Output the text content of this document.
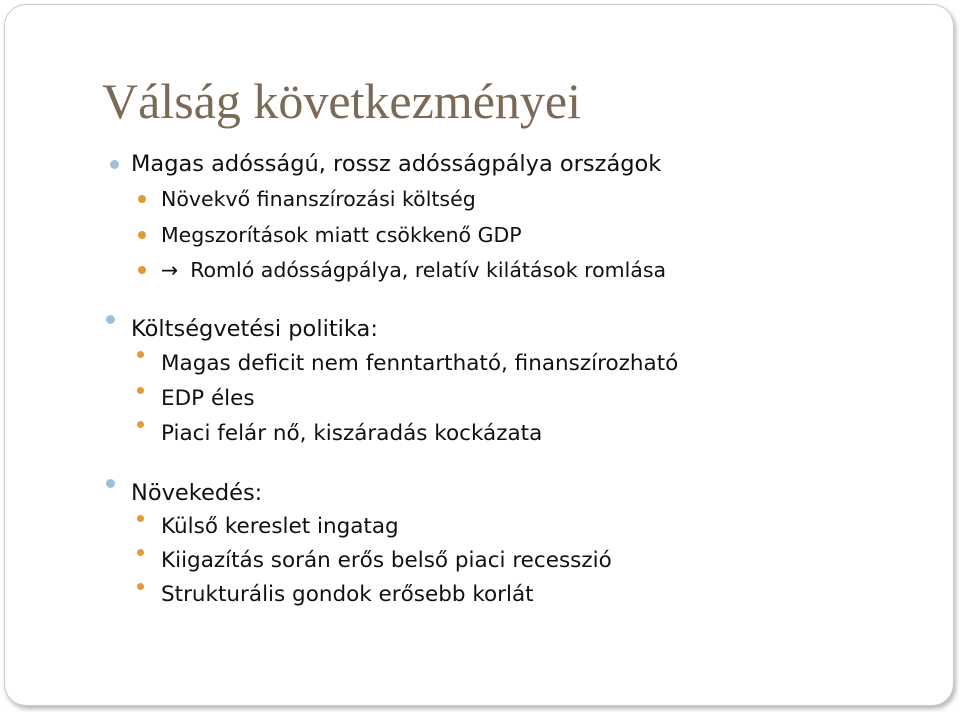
Válság következményei
Magas adósságú, rossz adósságpálya országok
Növekvő finanszírozási költség
Megszorítások miatt csökkenő GDP
→ Romló adósságpálya, relatív kilátások romlása
Költségvetési politika:
Magas deficit nem fenntartható, finanszírozható
EDP éles
Piaci felár nő, kiszáradás kockázata
Növekedés:
Külső kereslet ingatag
Kiigazítás során erős belső piaci recesszió
Strukturális gondok erősebb korlát
